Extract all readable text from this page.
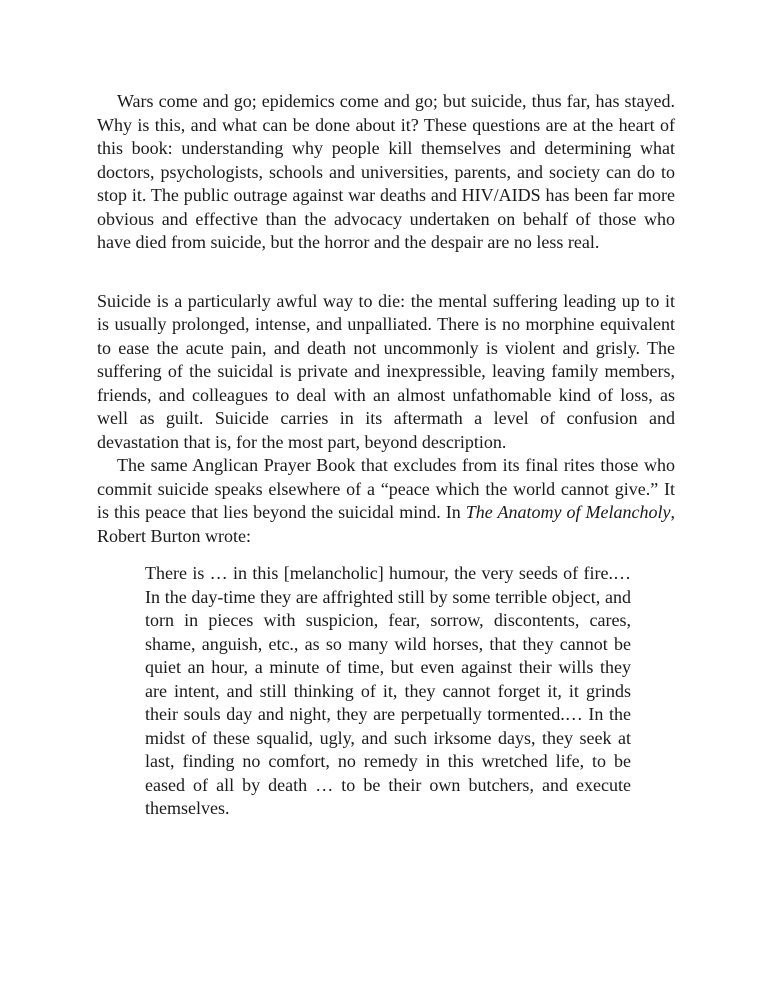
Wars come and go; epidemics come and go; but suicide, thus far, has stayed. Why is this, and what can be done about it? These questions are at the heart of this book: understanding why people kill themselves and determining what doctors, psychologists, schools and universities, parents, and society can do to stop it. The public outrage against war deaths and HIV/AIDS has been far more obvious and effective than the advocacy undertaken on behalf of those who have died from suicide, but the horror and the despair are no less real.

Suicide is a particularly awful way to die: the mental suffering leading up to it is usually prolonged, intense, and unpalliated. There is no morphine equivalent to ease the acute pain, and death not uncommonly is violent and grisly. The suffering of the suicidal is private and inexpressible, leaving family members, friends, and colleagues to deal with an almost unfathomable kind of loss, as well as guilt. Suicide carries in its aftermath a level of confusion and devastation that is, for the most part, beyond description.

The same Anglican Prayer Book that excludes from its final rites those who commit suicide speaks elsewhere of a “peace which the world cannot give.” It is this peace that lies beyond the suicidal mind. In The Anatomy of Melancholy, Robert Burton wrote:

There is … in this [melancholic] humour, the very seeds of fire.… In the day-time they are affrighted still by some terrible object, and torn in pieces with suspicion, fear, sorrow, discontents, cares, shame, anguish, etc., as so many wild horses, that they cannot be quiet an hour, a minute of time, but even against their wills they are intent, and still thinking of it, they cannot forget it, it grinds their souls day and night, they are perpetually tormented.… In the midst of these squalid, ugly, and such irksome days, they seek at last, finding no comfort, no remedy in this wretched life, to be eased of all by death … to be their own butchers, and execute themselves.
